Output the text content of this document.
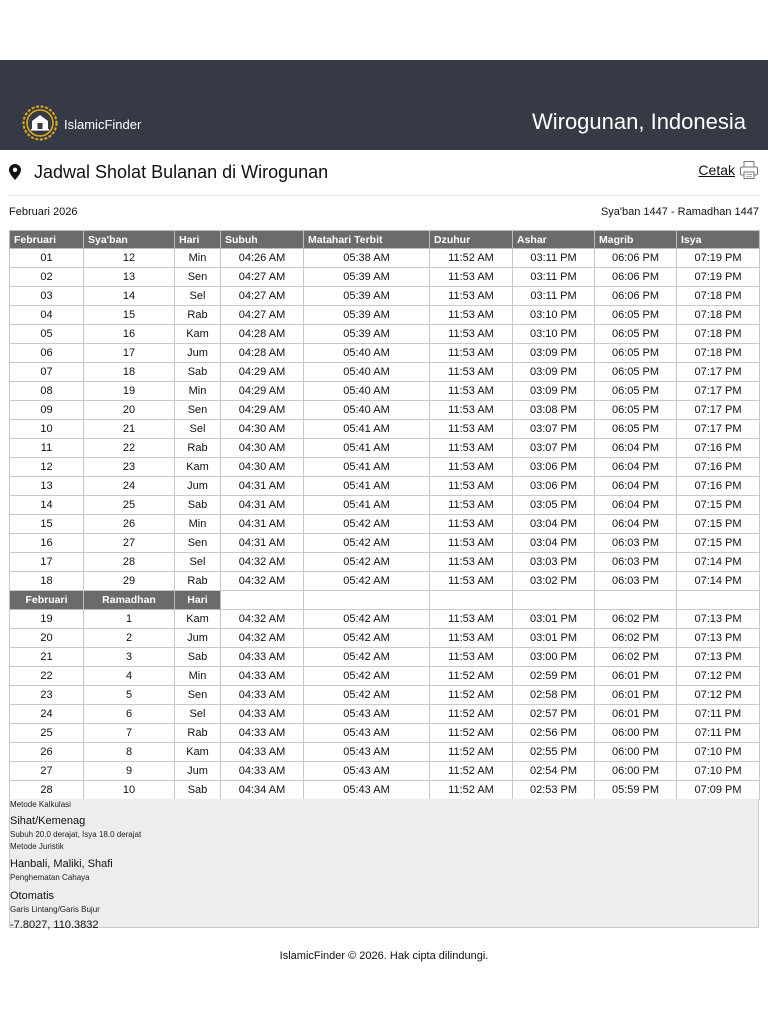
IslamicFinder	Wirogunan, Indonesia
Jadwal Sholat Bulanan di Wirogunan	Cetak
Februari 2026	Sya'ban 1447 - Ramadhan 1447
Februari	Sya'ban	Hari	Subuh	Matahari Terbit	Dzuhur	Ashar	Magrib	Isya
01	12	Min	04:26 AM	05:38 AM	11:52 AM	03:11 PM	06:06 PM	07:19 PM
02	13	Sen	04:27 AM	05:39 AM	11:53 AM	03:11 PM	06:06 PM	07:19 PM
03	14	Sel	04:27 AM	05:39 AM	11:53 AM	03:11 PM	06:06 PM	07:18 PM
04	15	Rab	04:27 AM	05:39 AM	11:53 AM	03:10 PM	06:05 PM	07:18 PM
05	16	Kam	04:28 AM	05:39 AM	11:53 AM	03:10 PM	06:05 PM	07:18 PM
06	17	Jum	04:28 AM	05:40 AM	11:53 AM	03:09 PM	06:05 PM	07:18 PM
07	18	Sab	04:29 AM	05:40 AM	11:53 AM	03:09 PM	06:05 PM	07:17 PM
08	19	Min	04:29 AM	05:40 AM	11:53 AM	03:09 PM	06:05 PM	07:17 PM
09	20	Sen	04:29 AM	05:40 AM	11:53 AM	03:08 PM	06:05 PM	07:17 PM
10	21	Sel	04:30 AM	05:41 AM	11:53 AM	03:07 PM	06:05 PM	07:17 PM
11	22	Rab	04:30 AM	05:41 AM	11:53 AM	03:07 PM	06:04 PM	07:16 PM
12	23	Kam	04:30 AM	05:41 AM	11:53 AM	03:06 PM	06:04 PM	07:16 PM
13	24	Jum	04:31 AM	05:41 AM	11:53 AM	03:06 PM	06:04 PM	07:16 PM
14	25	Sab	04:31 AM	05:41 AM	11:53 AM	03:05 PM	06:04 PM	07:15 PM
15	26	Min	04:31 AM	05:42 AM	11:53 AM	03:04 PM	06:04 PM	07:15 PM
16	27	Sen	04:31 AM	05:42 AM	11:53 AM	03:04 PM	06:03 PM	07:15 PM
17	28	Sel	04:32 AM	05:42 AM	11:53 AM	03:03 PM	06:03 PM	07:14 PM
18	29	Rab	04:32 AM	05:42 AM	11:53 AM	03:02 PM	06:03 PM	07:14 PM
Februari	Ramadhan	Hari						
19	1	Kam	04:32 AM	05:42 AM	11:53 AM	03:01 PM	06:02 PM	07:13 PM
20	2	Jum	04:32 AM	05:42 AM	11:53 AM	03:01 PM	06:02 PM	07:13 PM
21	3	Sab	04:33 AM	05:42 AM	11:53 AM	03:00 PM	06:02 PM	07:13 PM
22	4	Min	04:33 AM	05:42 AM	11:52 AM	02:59 PM	06:01 PM	07:12 PM
23	5	Sen	04:33 AM	05:42 AM	11:52 AM	02:58 PM	06:01 PM	07:12 PM
24	6	Sel	04:33 AM	05:43 AM	11:52 AM	02:57 PM	06:01 PM	07:11 PM
25	7	Rab	04:33 AM	05:43 AM	11:52 AM	02:56 PM	06:00 PM	07:11 PM
26	8	Kam	04:33 AM	05:43 AM	11:52 AM	02:55 PM	06:00 PM	07:10 PM
27	9	Jum	04:33 AM	05:43 AM	11:52 AM	02:54 PM	06:00 PM	07:10 PM
28	10	Sab	04:34 AM	05:43 AM	11:52 AM	02:53 PM	05:59 PM	07:09 PM
Metode Kalkulasi
Sihat/Kemenag
Subuh 20.0 derajat, Isya 18.0 derajat
Metode Juristik
Hanbali, Maliki, Shafi
Penghematan Cahaya
Otomatis
Garis Lintang/Garis Bujur
-7.8027, 110.3832
IslamicFinder © 2026. Hak cipta dilindungi.
